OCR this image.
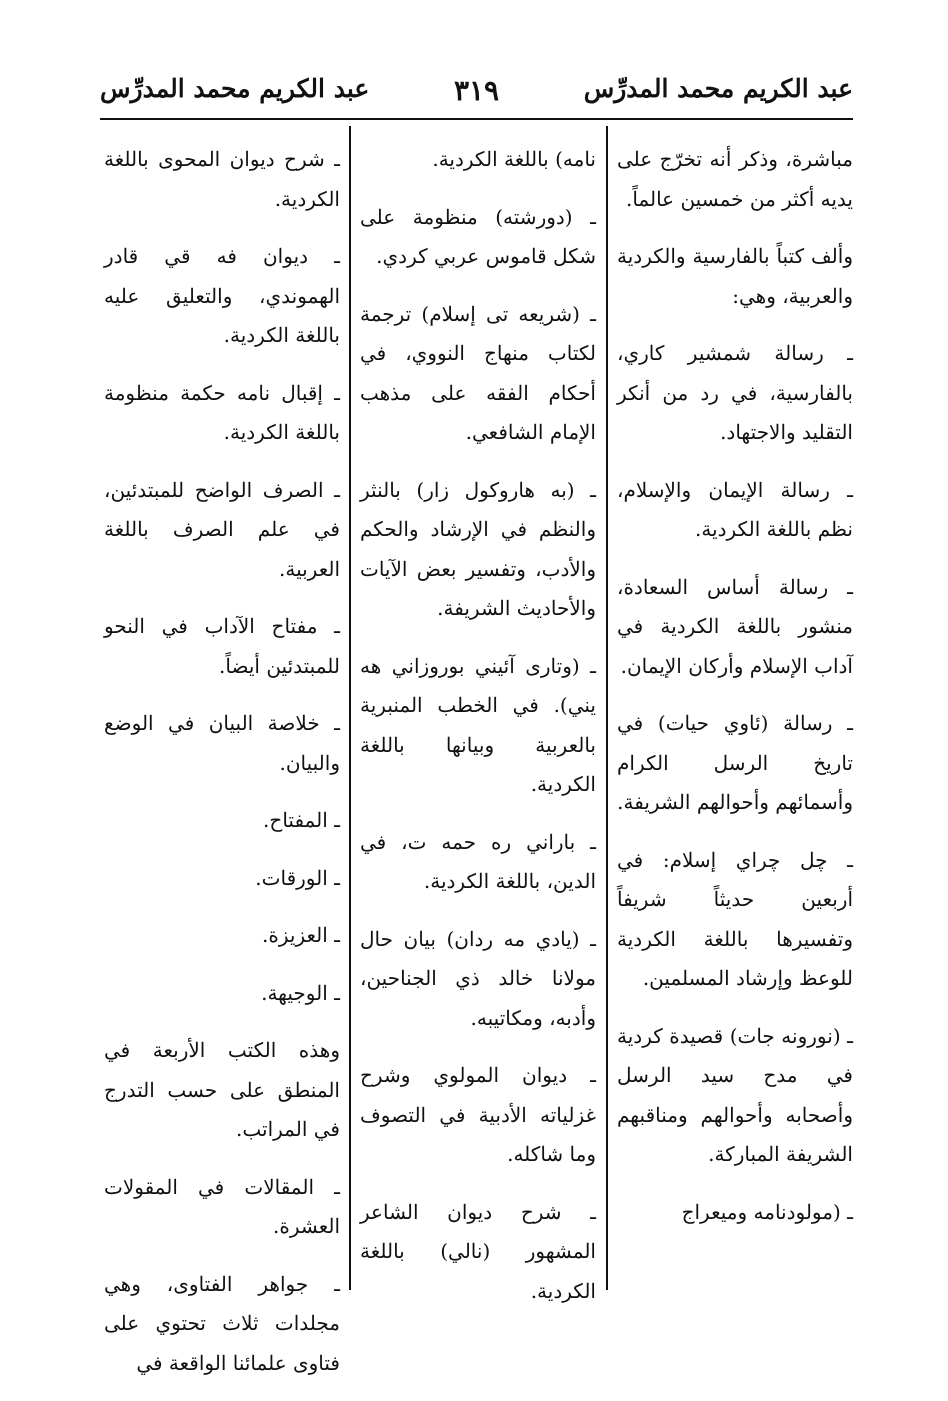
عبد الكريم محمد المدرِّس
٣١٩
عبد الكريم محمد المدرِّس

مباشرة، وذكر أنه تخرّج على يديه أكثر من خمسين عالماً.

وألف كتباً بالفارسية والكردية والعربية، وهي:

ـ رسالة شمشير كاري، بالفارسية، في رد من أنكر التقليد والاجتهاد.

ـ رسالة الإيمان والإسلام، نظم باللغة الكردية.

ـ رسالة أساس السعادة، منشور باللغة الكردية في آداب الإسلام وأركان الإيمان.

ـ رسالة (ئاوي حيات) في تاريخ الرسل الكرام وأسمائهم وأحوالهم الشريفة.

ـ چل چراي إسلام: في أربعين حديثاً شريفاً وتفسيرها باللغة الكردية للوعظ وإرشاد المسلمين.

ـ (نورونه جات) قصيدة كردية في مدح سيد الرسل وأصحابه وأحوالهم ومناقبهم الشريفة المباركة.

ـ (مولودنامه وميعراج

نامه) باللغة الكردية.

ـ (دورشته) منظومة على شكل قاموس عربي كردي.

ـ (شريعه تى إسلام) ترجمة لكتاب منهاج النووي، في أحكام الفقه على مذهب الإمام الشافعي.

ـ (به هاروكول زار) بالنثر والنظم في الإرشاد والحكم والأدب، وتفسير بعض الآيات والأحاديث الشريفة.

ـ (وتارى آئيني بوروزاني هه يني). في الخطب المنبرية بالعربية وبيانها باللغة الكردية.

ـ باراني ره حمه ت، في الدين، باللغة الكردية.

ـ (يادي مه ردان) بيان حال مولانا خالد ذي الجناحين، وأدبه، ومكاتيبه.

ـ ديوان المولوي وشرح غزلياته الأدبية في التصوف وما شاكله.

ـ شرح ديوان الشاعر المشهور (نالي) باللغة الكردية.

ـ شرح ديوان المحوى باللغة الكردية.

ـ ديوان فه قي قادر الهموندي، والتعليق عليه باللغة الكردية.

ـ إقبال نامه حكمة منظومة باللغة الكردية.

ـ الصرف الواضح للمبتدئين، في علم الصرف باللغة العربية.

ـ مفتاح الآداب في النحو للمبتدئين أيضاً.

ـ خلاصة البيان في الوضع والبيان.

ـ المفتاح.

ـ الورقات.

ـ العزيزة.

ـ الوجيهة.

وهذه الكتب الأربعة في المنطق على حسب التدرج في المراتب.

ـ المقالات في المقولات العشرة.

ـ جواهر الفتاوى، وهي مجلدات ثلاث تحتوي على فتاوى علمائنا الواقعة في
